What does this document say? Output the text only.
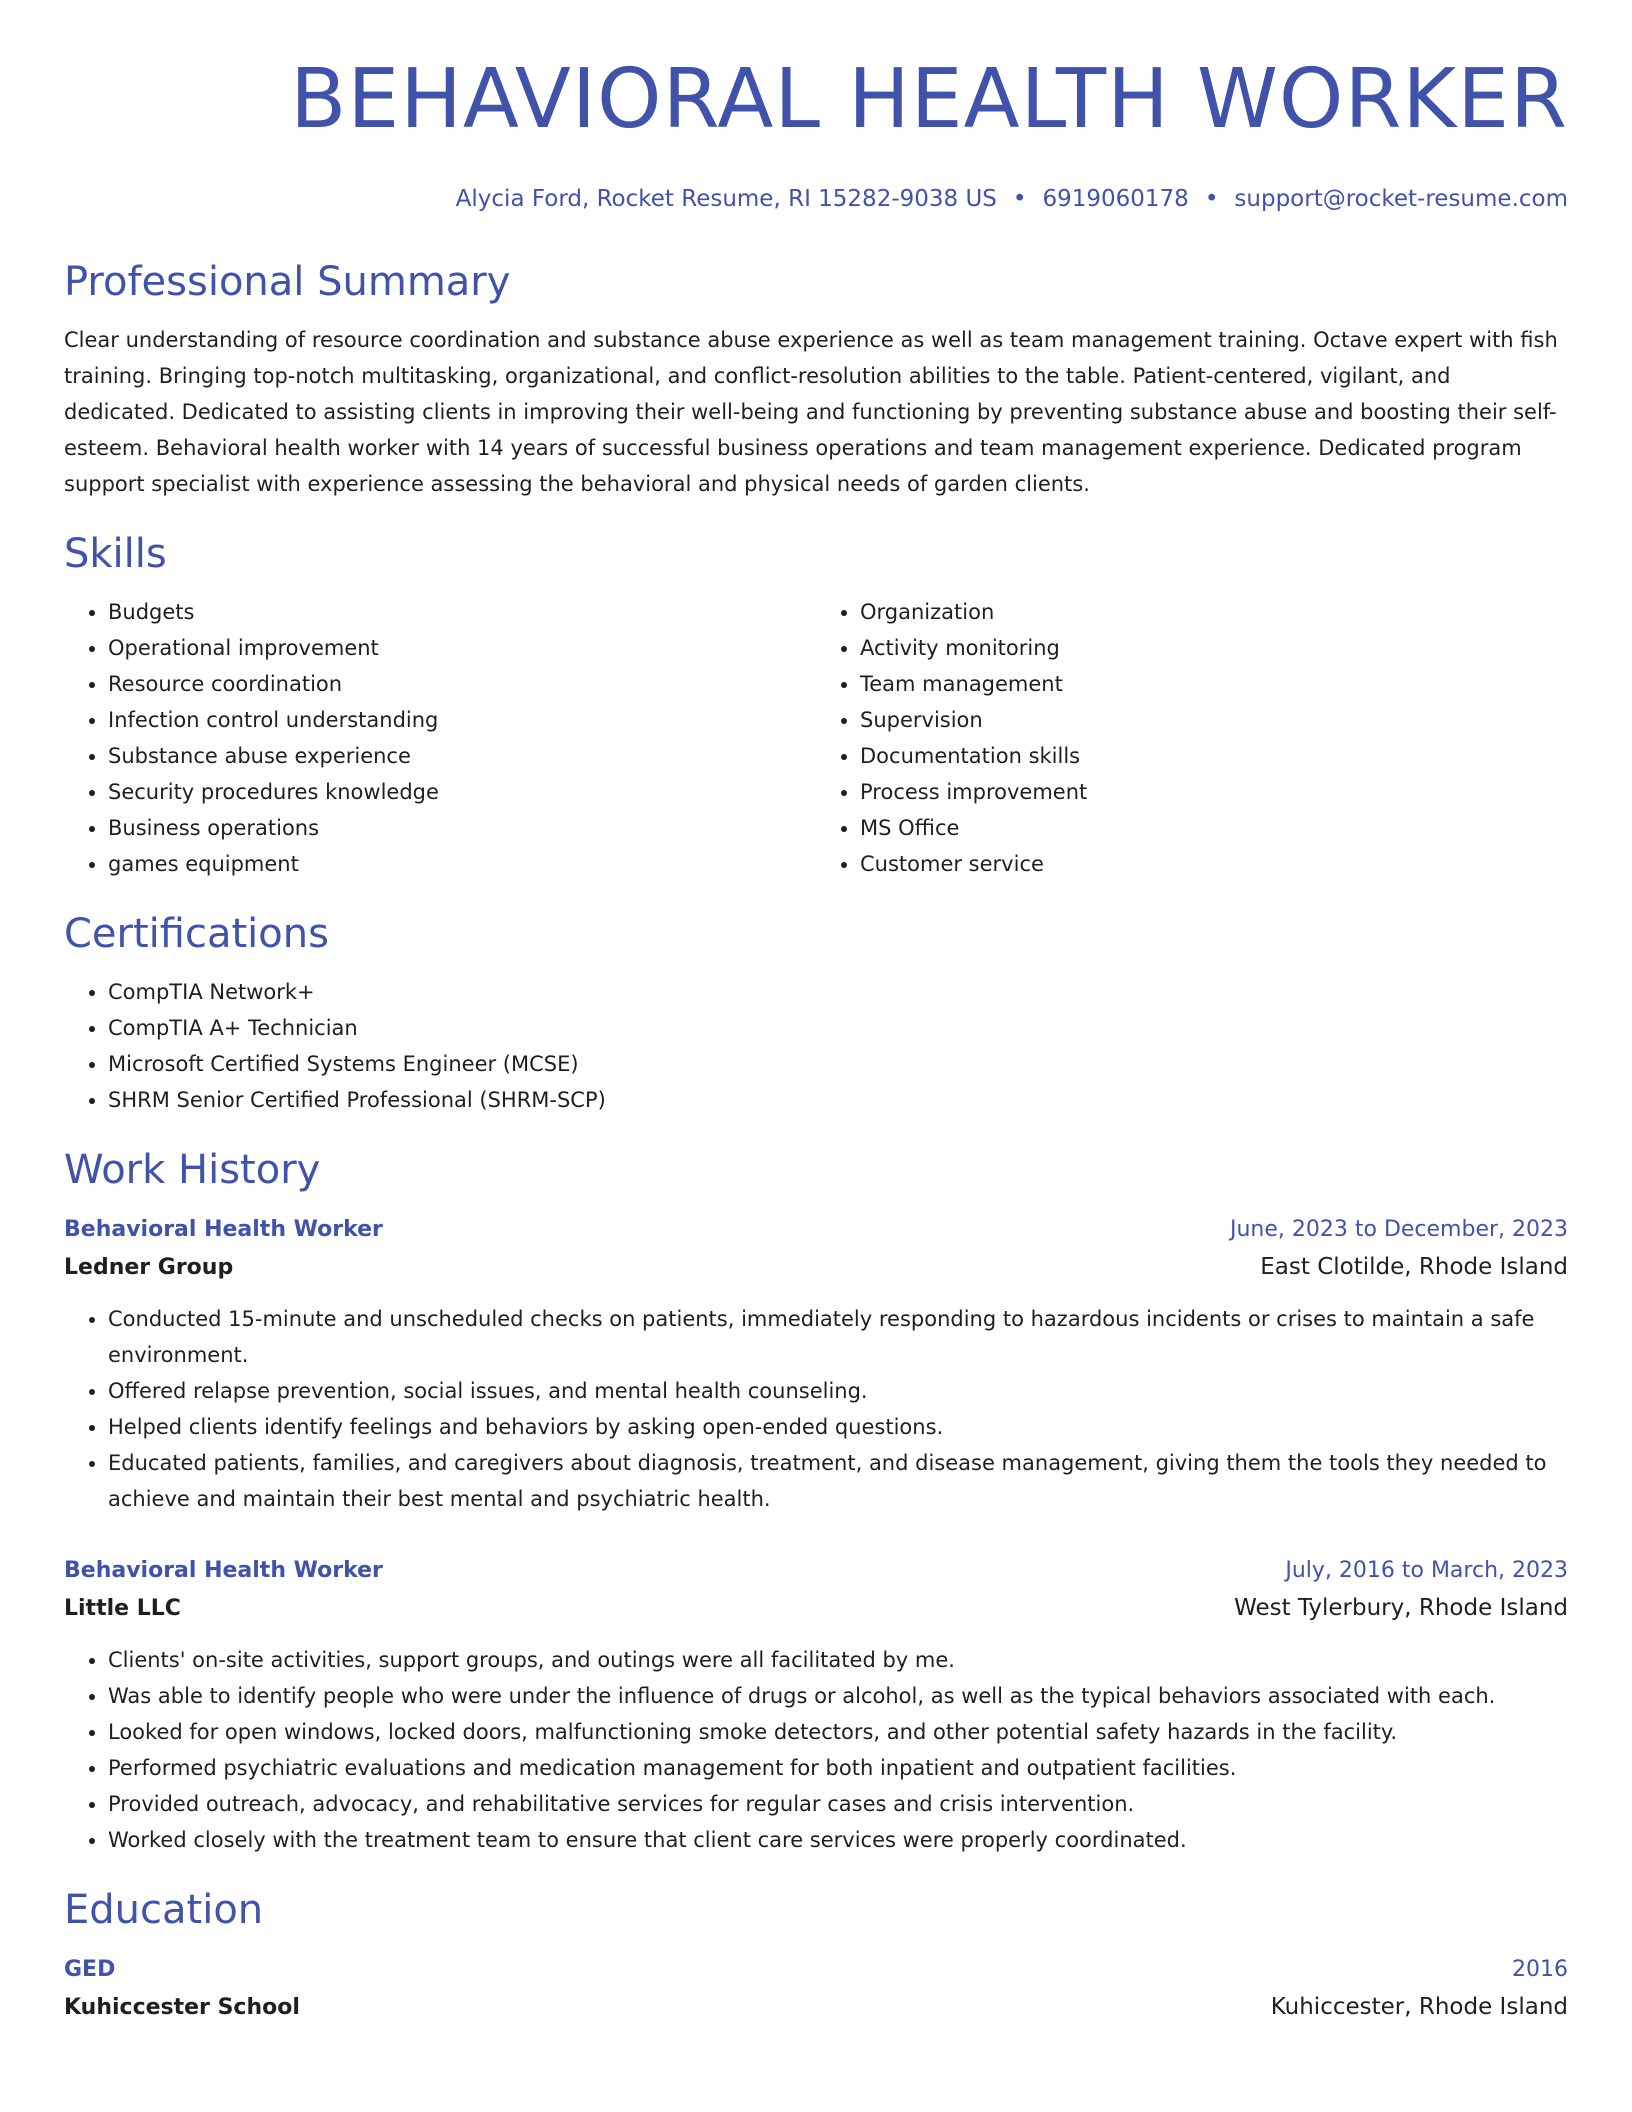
BEHAVIORAL HEALTH WORKER
Alycia Ford, Rocket Resume, RI 15282-9038 US • 6919060178 • support@rocket-resume.com
Professional Summary

Clear understanding of resource coordination and substance abuse experience as well as team management training. Octave expert with fish training. Bringing top-notch multitasking, organizational, and conflict-resolution abilities to the table. Patient-centered, vigilant, and dedicated. Dedicated to assisting clients in improving their well-being and functioning by preventing substance abuse and boosting their self-esteem. Behavioral health worker with 14 years of successful business operations and team management experience. Dedicated program support specialist with experience assessing the behavioral and physical needs of garden clients.

Skills
• Budgets
• Operational improvement
• Resource coordination
• Infection control understanding
• Substance abuse experience
• Security procedures knowledge
• Business operations
• games equipment
• Organization
• Activity monitoring
• Team management
• Supervision
• Documentation skills
• Process improvement
• MS Office
• Customer service
Certifications
• CompTIA Network+
• CompTIA A+ Technician
• Microsoft Certified Systems Engineer (MCSE)
• SHRM Senior Certified Professional (SHRM-SCP)
Work History
Behavioral Health Worker	June, 2023 to December, 2023
Ledner Group	East Clotilde, Rhode Island
• Conducted 15-minute and unscheduled checks on patients, immediately responding to hazardous incidents or crises to maintain a safe environment.
• Offered relapse prevention, social issues, and mental health counseling.
• Helped clients identify feelings and behaviors by asking open-ended questions.
• Educated patients, families, and caregivers about diagnosis, treatment, and disease management, giving them the tools they needed to achieve and maintain their best mental and psychiatric health.
Behavioral Health Worker	July, 2016 to March, 2023
Little LLC	West Tylerbury, Rhode Island
• Clients' on-site activities, support groups, and outings were all facilitated by me.
• Was able to identify people who were under the influence of drugs or alcohol, as well as the typical behaviors associated with each.
• Looked for open windows, locked doors, malfunctioning smoke detectors, and other potential safety hazards in the facility.
• Performed psychiatric evaluations and medication management for both inpatient and outpatient facilities.
• Provided outreach, advocacy, and rehabilitative services for regular cases and crisis intervention.
• Worked closely with the treatment team to ensure that client care services were properly coordinated.
Education
GED	2016
Kuhiccester School	Kuhiccester, Rhode Island
